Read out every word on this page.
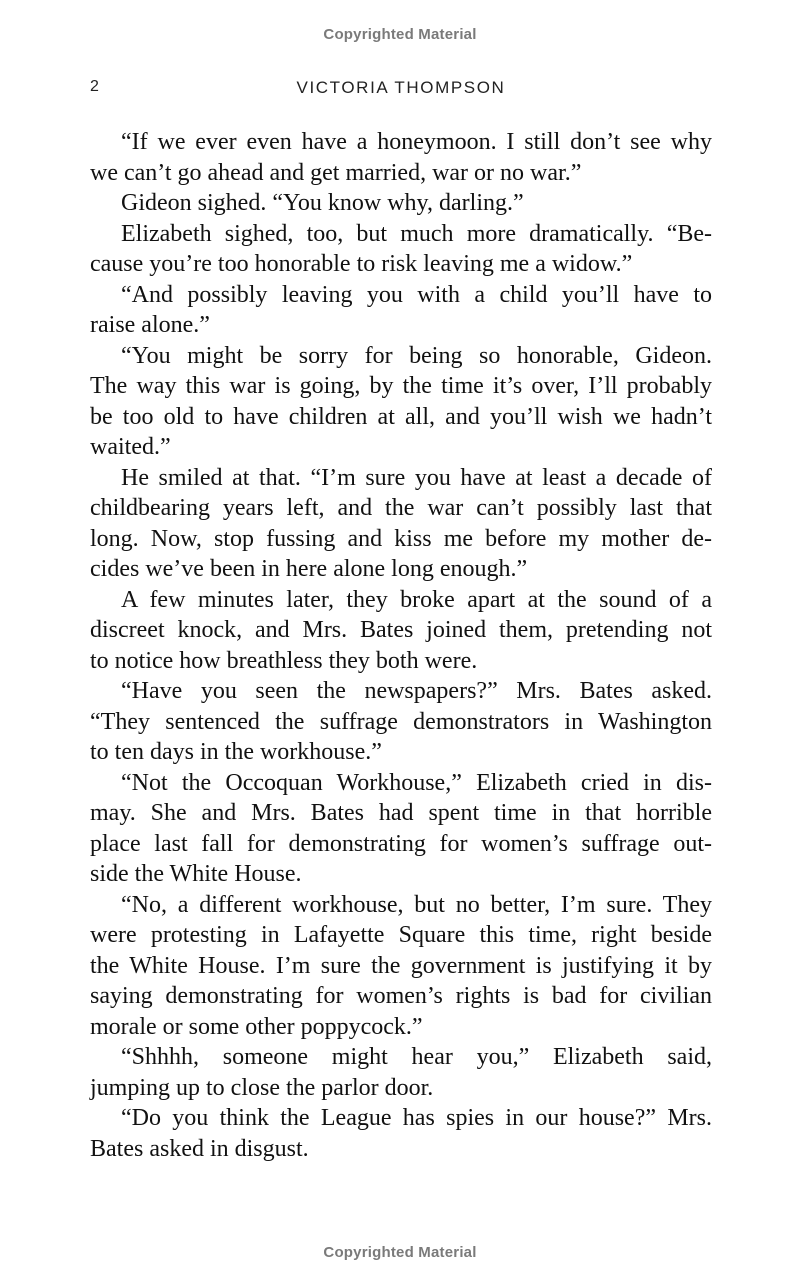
Copyrighted Material
2	VICTORIA THOMPSON

“If we ever even have a honeymoon. I still don’t see why
we can’t go ahead and get married, war or no war.”

Gideon sighed. “You know why, darling.”

Elizabeth sighed, too, but much more dramatically. “Be-
cause you’re too honorable to risk leaving me a widow.”

“And possibly leaving you with a child you’ll have to
raise alone.”

“You might be sorry for being so honorable, Gideon.
The way this war is going, by the time it’s over, I’ll probably
be too old to have children at all, and you’ll wish we hadn’t
waited.”

He smiled at that. “I’m sure you have at least a decade of
childbearing years left, and the war can’t possibly last that
long. Now, stop fussing and kiss me before my mother de-
cides we’ve been in here alone long enough.”

A few minutes later, they broke apart at the sound of a
discreet knock, and Mrs. Bates joined them, pretending not
to notice how breathless they both were.

“Have you seen the newspapers?” Mrs. Bates asked.
“They sentenced the suffrage demonstrators in Washington
to ten days in the workhouse.”

“Not the Occoquan Workhouse,” Elizabeth cried in dis-
may. She and Mrs. Bates had spent time in that horrible
place last fall for demonstrating for women’s suffrage out-
side the White House.

“No, a different workhouse, but no better, I’m sure. They
were protesting in Lafayette Square this time, right beside
the White House. I’m sure the government is justifying it by
saying demonstrating for women’s rights is bad for civilian
morale or some other poppycock.”

“Shhhh, someone might hear you,” Elizabeth said,
jumping up to close the parlor door.

“Do you think the League has spies in our house?” Mrs.
Bates asked in disgust.

Copyrighted Material
